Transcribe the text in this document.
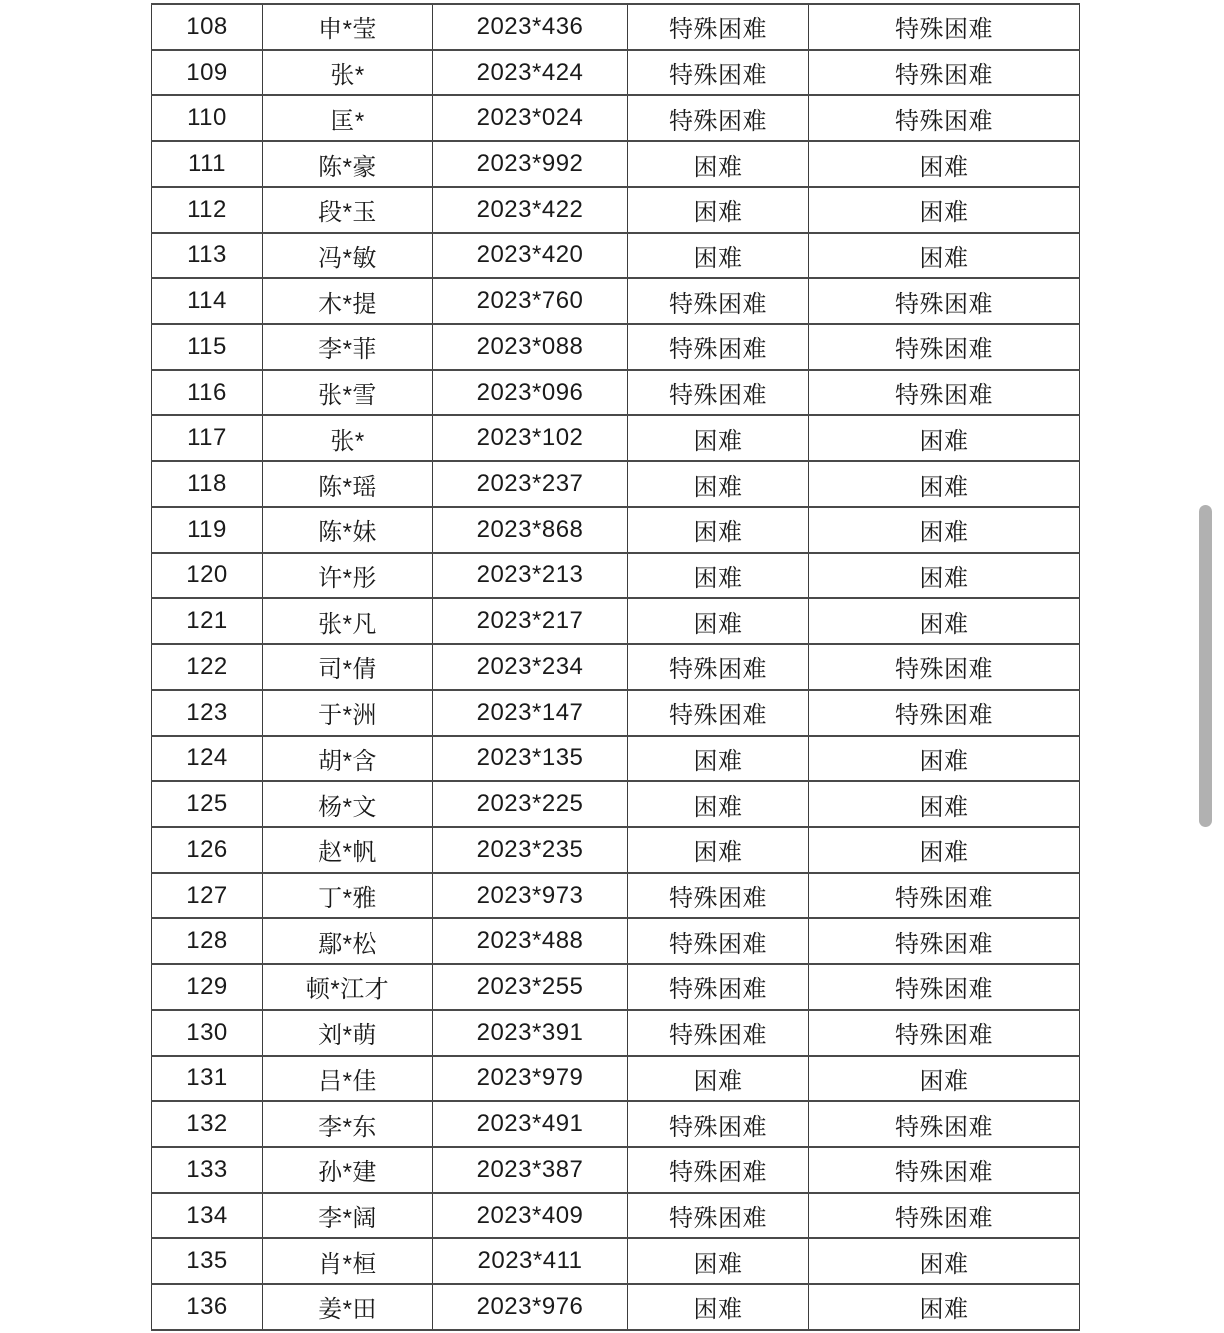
108	申*莹	2023*436	特殊困难	特殊困难
109	张*	2023*424	特殊困难	特殊困难
110	匡*	2023*024	特殊困难	特殊困难
111	陈*豪	2023*992	困难	困难
112	段*玉	2023*422	困难	困难
113	冯*敏	2023*420	困难	困难
114	木*提	2023*760	特殊困难	特殊困难
115	李*菲	2023*088	特殊困难	特殊困难
116	张*雪	2023*096	特殊困难	特殊困难
117	张*	2023*102	困难	困难
118	陈*瑶	2023*237	困难	困难
119	陈*妹	2023*868	困难	困难
120	许*彤	2023*213	困难	困难
121	张*凡	2023*217	困难	困难
122	司*倩	2023*234	特殊困难	特殊困难
123	于*洲	2023*147	特殊困难	特殊困难
124	胡*含	2023*135	困难	困难
125	杨*文	2023*225	困难	困难
126	赵*帆	2023*235	困难	困难
127	丁*雅	2023*973	特殊困难	特殊困难
128	鄢*松	2023*488	特殊困难	特殊困难
129	顿*江才	2023*255	特殊困难	特殊困难
130	刘*萌	2023*391	特殊困难	特殊困难
131	吕*佳	2023*979	困难	困难
132	李*东	2023*491	特殊困难	特殊困难
133	孙*建	2023*387	特殊困难	特殊困难
134	李*阔	2023*409	特殊困难	特殊困难
135	肖*桓	2023*411	困难	困难
136	姜*田	2023*976	困难	困难
